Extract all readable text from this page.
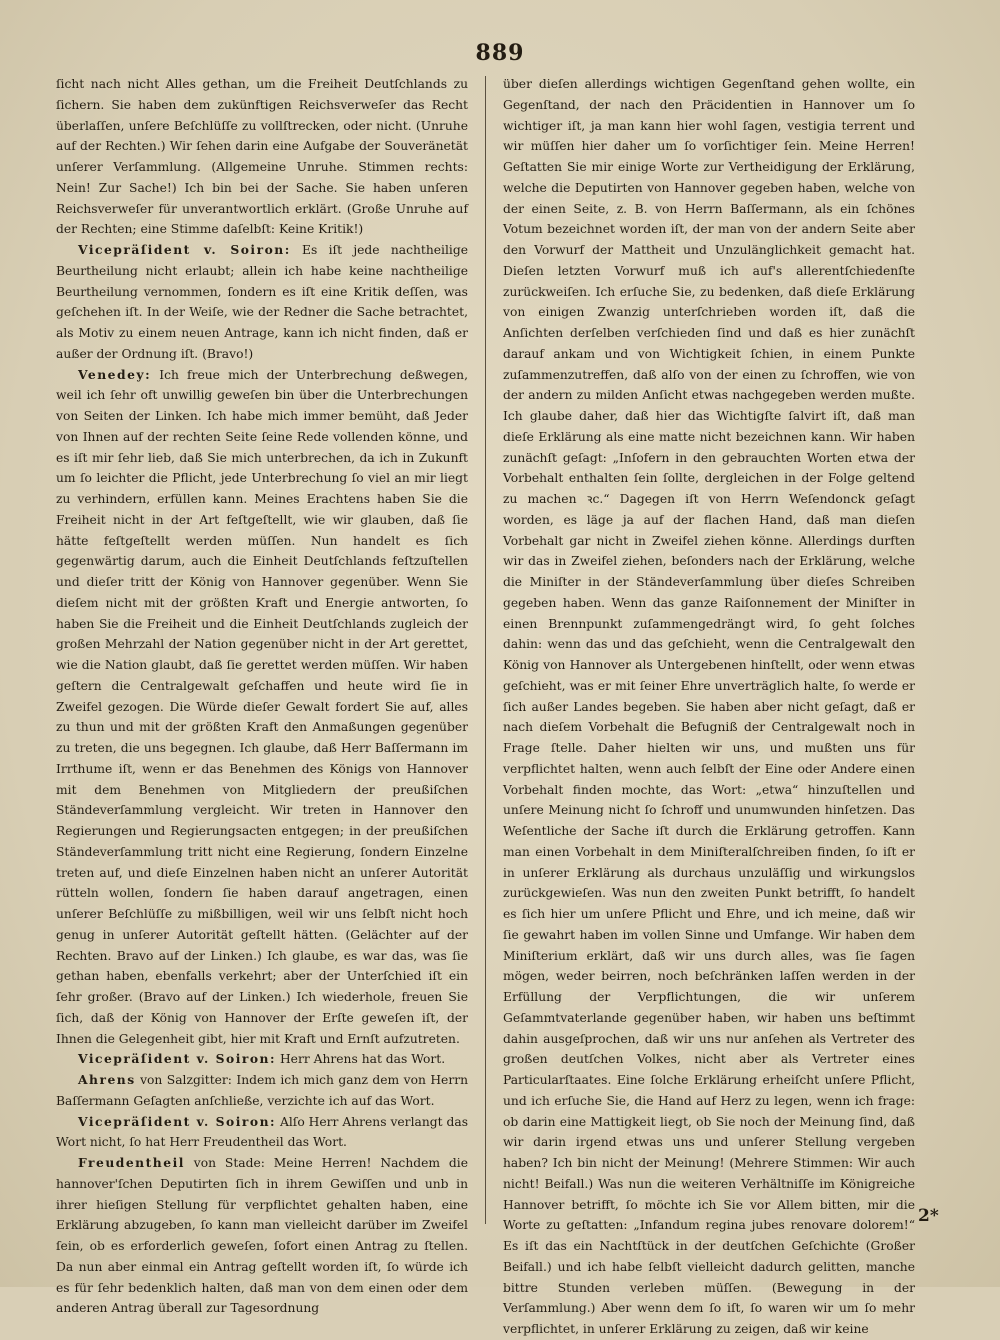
889

ſicht nach nicht Alles gethan, um die Freiheit Deutſchlands zu ſichern. Sie haben dem zukünftigen Reichsverweſer das Recht überlaſſen, unſere Beſchlüſſe zu vollſtrecken, oder nicht. (Unruhe auf der Rechten.) Wir ſehen darin eine Aufgabe der Souveränetät unſerer Verſammlung. (Allgemeine Unruhe. Stimmen rechts: Nein! Zur Sache!) Ich bin bei der Sache. Sie haben unſeren Reichsverweſer für unverantwortlich erklärt. (Große Unruhe auf der Rechten; eine Stimme daſelbſt: Keine Kritik!)

Vicepräſident v. Soiron: Es iſt jede nachtheilige Beurtheilung nicht erlaubt; allein ich habe keine nachtheilige Beurtheilung vernommen, ſondern es iſt eine Kritik deſſen, was geſchehen iſt. In der Weiſe, wie der Redner die Sache betrachtet, als Motiv zu einem neuen Antrage, kann ich nicht finden, daß er außer der Ordnung iſt. (Bravo!)

Venedey: Ich freue mich der Unterbrechung deßwegen, weil ich ſehr oft unwillig geweſen bin über die Unterbrechungen von Seiten der Linken. Ich habe mich immer bemüht, daß Jeder von Ihnen auf der rechten Seite ſeine Rede vollenden könne, und es iſt mir ſehr lieb, daß Sie mich unterbrechen, da ich in Zukunft um ſo leichter die Pflicht, jede Unterbrechung ſo viel an mir liegt zu verhindern, erfüllen kann. Meines Erachtens haben Sie die Freiheit nicht in der Art feſtgeſtellt, wie wir glauben, daß ſie hätte feſtgeſtellt werden müſſen. Nun handelt es ſich gegenwärtig darum, auch die Einheit Deutſchlands feſtzuſtellen und dieſer tritt der König von Hannover gegenüber. Wenn Sie dieſem nicht mit der größten Kraft und Energie antworten, ſo haben Sie die Freiheit und die Einheit Deutſchlands zugleich der großen Mehrzahl der Nation gegenüber nicht in der Art gerettet, wie die Nation glaubt, daß ſie gerettet werden müſſen. Wir haben geſtern die Centralgewalt geſchaffen und heute wird ſie in Zweifel gezogen. Die Würde dieſer Gewalt fordert Sie auf, alles zu thun und mit der größten Kraft den Anmaßungen gegenüber zu treten, die uns begegnen. Ich glaube, daß Herr Baſſermann im Irrthume iſt, wenn er das Benehmen des Königs von Hannover mit dem Benehmen von Mitgliedern der preußiſchen Ständeverſammlung vergleicht. Wir treten in Hannover den Regierungen und Regierungsacten entgegen; in der preußiſchen Ständeverſammlung tritt nicht eine Regierung, ſondern Einzelne treten auf, und dieſe Einzelnen haben nicht an unſerer Autorität rütteln wollen, ſondern ſie haben darauf angetragen, einen unſerer Beſchlüſſe zu mißbilligen, weil wir uns ſelbſt nicht hoch genug in unſerer Autorität geſtellt hätten. (Gelächter auf der Rechten. Bravo auf der Linken.) Ich glaube, es war das, was ſie gethan haben, ebenfalls verkehrt; aber der Unterſchied iſt ein ſehr großer. (Bravo auf der Linken.) Ich wiederhole, freuen Sie ſich, daß der König von Hannover der Erſte geweſen iſt, der Ihnen die Gelegenheit gibt, hier mit Kraft und Ernſt aufzutreten.

Vicepräſident v. Soiron: Herr Ahrens hat das Wort.

Ahrens von Salzgitter: Indem ich mich ganz dem von Herrn Baſſermann Geſagten anſchließe, verzichte ich auf das Wort.

Vicepräſident v. Soiron: Alſo Herr Ahrens verlangt das Wort nicht, ſo hat Herr Freudentheil das Wort.

Freudentheil von Stade: Meine Herren! Nachdem die hannover'ſchen Deputirten ſich in ihrem Gewiſſen und unb in ihrer hieſigen Stellung für verpflichtet gehalten haben, eine Erklärung abzugeben, ſo kann man vielleicht darüber im Zweifel ſein, ob es erforderlich geweſen, ſofort einen Antrag zu ſtellen. Da nun aber einmal ein Antrag geſtellt worden iſt, ſo würde ich es für ſehr bedenklich halten, daß man von dem einen oder dem anderen Antrag überall zur Tagesordnung

über dieſen allerdings wichtigen Gegenſtand gehen wollte, ein Gegenſtand, der nach den Präcidentien in Hannover um ſo wichtiger iſt, ja man kann hier wohl ſagen, vestigia terrent und wir müſſen hier daher um ſo vorſichtiger ſein. Meine Herren! Geſtatten Sie mir einige Worte zur Vertheidigung der Erklärung, welche die Deputirten von Hannover gegeben haben, welche von der einen Seite, z. B. von Herrn Baſſermann, als ein ſchönes Votum bezeichnet worden iſt, der man von der andern Seite aber den Vorwurf der Mattheit und Unzulänglichkeit gemacht hat. Dieſen letzten Vorwurf muß ich auf's allerentſchiedenſte zurückweiſen. Ich erſuche Sie, zu bedenken, daß dieſe Erklärung von einigen Zwanzig unterſchrieben worden iſt, daß die Anſichten derſelben verſchieden ſind und daß es hier zunächſt darauf ankam und von Wichtigkeit ſchien, in einem Punkte zuſammenzutreffen, daß alſo von der einen zu ſchroffen, wie von der andern zu milden Anſicht etwas nachgegeben werden mußte. Ich glaube daher, daß hier das Wichtigſte ſalvirt iſt, daß man dieſe Erklärung als eine matte nicht bezeichnen kann. Wir haben zunächſt geſagt: „Inſofern in den gebrauchten Worten etwa der Vorbehalt enthalten ſein ſollte, dergleichen in der Folge geltend zu machen ꝛc.“ Dagegen iſt von Herrn Weſendonck geſagt worden, es läge ja auf der flachen Hand, daß man dieſen Vorbehalt gar nicht in Zweifel ziehen könne. Allerdings durften wir das in Zweifel ziehen, beſonders nach der Erklärung, welche die Miniſter in der Ständeverſammlung über dieſes Schreiben gegeben haben. Wenn das ganze Raiſonnement der Miniſter in einen Brennpunkt zuſammengedrängt wird, ſo geht ſolches dahin: wenn das und das geſchieht, wenn die Centralgewalt den König von Hannover als Untergebenen hinſtellt, oder wenn etwas geſchieht, was er mit ſeiner Ehre unverträglich halte, ſo werde er ſich außer Landes begeben. Sie haben aber nicht geſagt, daß er nach dieſem Vorbehalt die Befugniß der Centralgewalt noch in Frage ſtelle. Daher hielten wir uns, und mußten uns für verpflichtet halten, wenn auch ſelbſt der Eine oder Andere einen Vorbehalt finden mochte, das Wort: „etwa“ hinzuſtellen und unſere Meinung nicht ſo ſchroff und unumwunden hinſetzen. Das Weſentliche der Sache iſt durch die Erklärung getroffen. Kann man einen Vorbehalt in dem Miniſteralſchreiben finden, ſo iſt er in unſerer Erklärung als durchaus unzuläſſig und wirkungslos zurückgewieſen. Was nun den zweiten Punkt betrifft, ſo handelt es ſich hier um unſere Pflicht und Ehre, und ich meine, daß wir ſie gewahrt haben im vollen Sinne und Umfange. Wir haben dem Miniſterium erklärt, daß wir uns durch alles, was ſie ſagen mögen, weder beirren, noch beſchränken laſſen werden in der Erfüllung der Verpflichtungen, die wir unſerem Geſammtvaterlande gegenüber haben, wir haben uns beſtimmt dahin ausgeſprochen, daß wir uns nur anſehen als Vertreter des großen deutſchen Volkes, nicht aber als Vertreter eines Particularſtaates. Eine ſolche Erklärung erheiſcht unſere Pflicht, und ich erſuche Sie, die Hand auf Herz zu legen, wenn ich frage: ob darin eine Mattigkeit liegt, ob Sie noch der Meinung ſind, daß wir darin irgend etwas uns und unſerer Stellung vergeben haben? Ich bin nicht der Meinung! (Mehrere Stimmen: Wir auch nicht! Beifall.) Was nun die weiteren Verhältniſſe im Königreiche Hannover betrifft, ſo möchte ich Sie vor Allem bitten, mir die Worte zu geſtatten: „Infandum regina jubes renovare dolorem!“ Es iſt das ein Nachtſtück in der deutſchen Geſchichte (Großer Beifall.) und ich habe ſelbſt vielleicht dadurch gelitten, manche bittre Stunden verleben müſſen. (Bewegung in der Verſammlung.) Aber wenn dem ſo iſt, ſo waren wir um ſo mehr verpflichtet, in unſerer Erklärung zu zeigen, daß wir keine

2*
